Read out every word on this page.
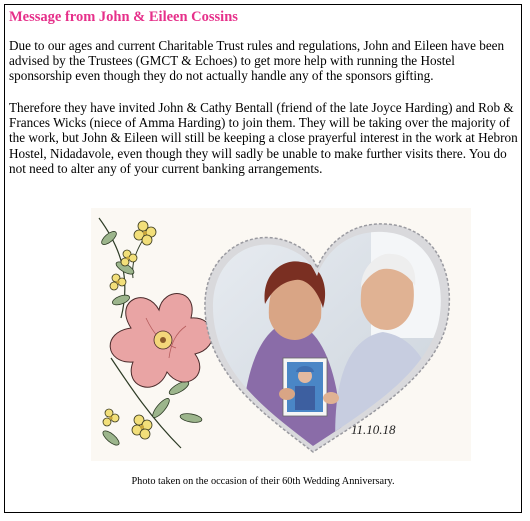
Message from John & Eileen Cossins

Due to our ages and current Charitable Trust rules and regulations, John and Eileen have been advised by the Trustees (GMCT & Echoes) to get more help with running the Hostel sponsorship even though they do not actually handle any of the sponsors gifting.

Therefore they have invited John & Cathy Bentall (friend of the late Joyce Harding) and Rob & Frances Wicks (niece of Amma Harding) to join them. They will be taking over the majority of the work, but John & Eileen will still be keeping a close prayerful interest in the work at Hebron Hostel, Nidadavole, even though they will sadly be unable to make further visits there. You do not need to alter any of your current banking arrangements.

11.10.18
Photo taken on the occasion of their 60th Wedding Anniversary.
